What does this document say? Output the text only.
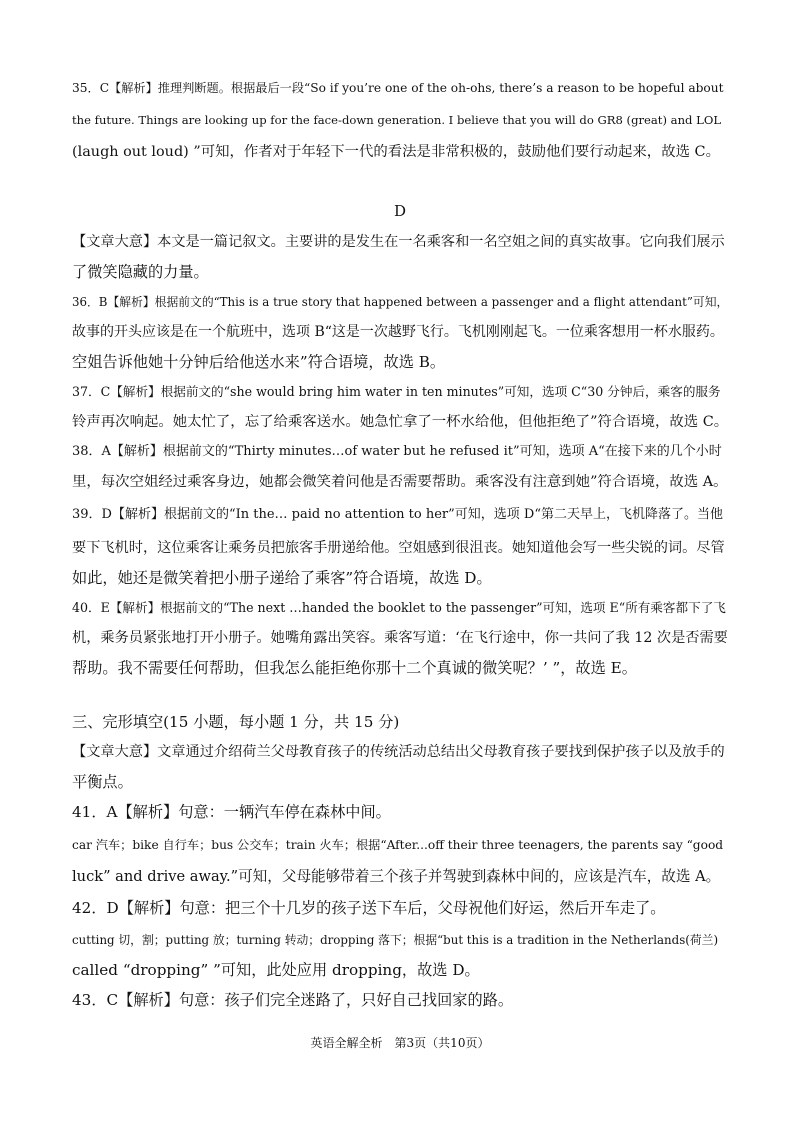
35．C【解析】推理判断题。根据最后一段“So if you’re one of the oh-ohs, there’s a reason to be hopeful about
the future. Things are looking up for the face-down generation. I believe that you will do GR8 (great) and LOL
(laugh out loud) ”可知，作者对于年轻下一代的看法是非常积极的，鼓励他们要行动起来，故选 C。
D
【文章大意】本文是一篇记叙文。主要讲的是发生在一名乘客和一名空姐之间的真实故事。它向我们展示
了微笑隐藏的力量。
36．B【解析】根据前文的“This is a true story that happened between a passenger and a flight attendant”可知，
故事的开头应该是在一个航班中，选项 B“这是一次越野飞行。飞机刚刚起飞。一位乘客想用一杯水服药。
空姐告诉他她十分钟后给他送水来”符合语境，故选 B。
37．C【解析】根据前文的“she would bring him water in ten minutes”可知，选项 C“30 分钟后，乘客的服务
铃声再次响起。她太忙了，忘了给乘客送水。她急忙拿了一杯水给他，但他拒绝了”符合语境，故选 C。
38．A【解析】根据前文的“Thirty minutes…of water but he refused it”可知，选项 A“在接下来的几个小时
里，每次空姐经过乘客身边，她都会微笑着问他是否需要帮助。乘客没有注意到她”符合语境，故选 A。
39．D【解析】根据前文的“In the… paid no attention to her”可知，选项 D“第二天早上，飞机降落了。当他
要下飞机时，这位乘客让乘务员把旅客手册递给他。空姐感到很沮丧。她知道他会写一些尖锐的词。尽管
如此，她还是微笑着把小册子递给了乘客”符合语境，故选 D。
40．E【解析】根据前文的“The next …handed the booklet to the passenger”可知，选项 E“所有乘客都下了飞
机，乘务员紧张地打开小册子。她嘴角露出笑容。乘客写道：‘在飞行途中，你一共问了我 12 次是否需要
帮助。我不需要任何帮助，但我怎么能拒绝你那十二个真诚的微笑呢？’ ”，故选 E。
三、完形填空(15 小题，每小题 1 分，共 15 分)
【文章大意】文章通过介绍荷兰父母教育孩子的传统活动总结出父母教育孩子要找到保护孩子以及放手的
平衡点。
41．A【解析】句意：一辆汽车停在森林中间。
car 汽车；bike 自行车；bus 公交车；train 火车；根据“After...off their three teenagers, the parents say “good
luck” and drive away.”可知，父母能够带着三个孩子并驾驶到森林中间的，应该是汽车，故选 A。
42．D【解析】句意：把三个十几岁的孩子送下车后，父母祝他们好运，然后开车走了。
cutting 切，割；putting 放；turning 转动；dropping 落下；根据“but this is a tradition in the Netherlands(荷兰)
called “dropping” ”可知，此处应用 dropping，故选 D。
43．C【解析】句意：孩子们完全迷路了，只好自己找回家的路。
英语全解全析　第3页（共10页）
